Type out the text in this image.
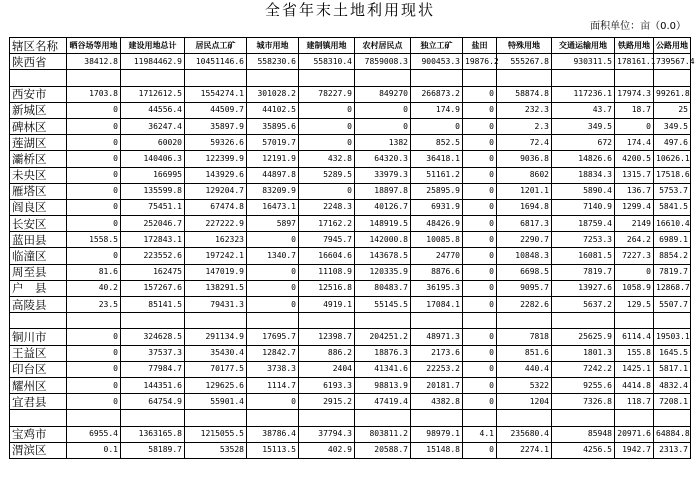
全省年末土地利用现状
面积单位：亩（0.0）
辖区名称	晒谷场等用地	建设用地总计	居民点工矿	城市用地	建制镇用地	农村居民点	独立工矿	盐田	特殊用地	交通运输用地	铁路用地	公路用地
陕西省	38412.8	11984462.9	10451146.6	558230.6	558310.4	7859008.3	900453.3	19876.2	555267.8	930311.5	178161.1	739567.4

西安市	1703.8	1712612.5	1554274.1	301028.2	78227.9	849270	266873.2	0	58874.8	117236.1	17974.3	99261.8
新城区	0	44556.4	44509.7	44102.5	0	0	174.9	0	232.3	43.7	18.7	25
碑林区	0	36247.4	35897.9	35895.6	0	0	0	0	2.3	349.5	0	349.5
莲湖区	0	60020	59326.6	57019.7	0	1382	852.5	0	72.4	672	174.4	497.6
灞桥区	0	140406.3	122399.9	12191.9	432.8	64320.3	36418.1	0	9036.8	14826.6	4200.5	10626.1
未央区	0	166995	143929.6	44897.8	5289.5	33979.3	51161.2	0	8602	18834.3	1315.7	17518.6
雁塔区	0	135599.8	129204.7	83209.9	0	18897.8	25895.9	0	1201.1	5890.4	136.7	5753.7
阎良区	0	75451.1	67474.8	16473.1	2248.3	40126.7	6931.9	0	1694.8	7140.9	1299.4	5841.5
长安区	0	252046.7	227222.9	5897	17162.2	148919.5	48426.9	0	6817.3	18759.4	2149	16610.4
蓝田县	1558.5	172843.1	162323	0	7945.7	142000.8	10085.8	0	2290.7	7253.3	264.2	6989.1
临潼区	0	223552.6	197242.1	1340.7	16604.6	143678.5	24770	0	10848.3	16081.5	7227.3	8854.2
周至县	81.6	162475	147019.9	0	11108.9	120335.9	8876.6	0	6698.5	7819.7	0	7819.7
户　县	40.2	157267.6	138291.5	0	12516.8	80483.7	36195.3	0	9095.7	13927.6	1058.9	12868.7
高陵县	23.5	85141.5	79431.3	0	4919.1	55145.5	17084.1	0	2282.6	5637.2	129.5	5507.7

铜川市	0	324628.5	291134.9	17695.7	12398.7	204251.2	48971.3	0	7818	25625.9	6114.4	19503.1
王益区	0	37537.3	35430.4	12842.7	886.2	18876.3	2173.6	0	851.6	1801.3	155.8	1645.5
印台区	0	77984.7	70177.5	3738.3	2404	41341.6	22253.2	0	440.4	7242.2	1425.1	5817.1
耀州区	0	144351.6	129625.6	1114.7	6193.3	98813.9	20181.7	0	5322	9255.6	4414.8	4832.4
宜君县	0	64754.9	55901.4	0	2915.2	47419.4	4382.8	0	1204	7326.8	118.7	7208.1

宝鸡市	6955.4	1363165.8	1215055.5	38786.4	37794.3	803811.2	98979.1	4.1	235680.4	85948	20971.6	64884.8
渭滨区	0.1	58189.7	53528	15113.5	402.9	20588.7	15148.8	0	2274.1	4256.5	1942.7	2313.7
